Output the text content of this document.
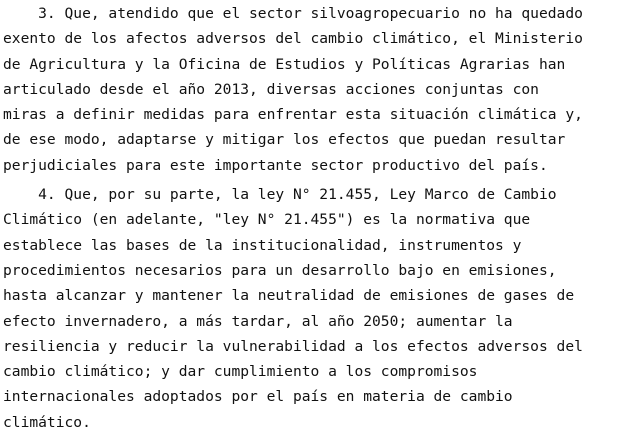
3. Que, atendido que el sector silvoagropecuario no ha quedado
exento de los afectos adversos del cambio climático, el Ministerio
de Agricultura y la Oficina de Estudios y Políticas Agrarias han
articulado desde el año 2013, diversas acciones conjuntas con
miras a definir medidas para enfrentar esta situación climática y,
de ese modo, adaptarse y mitigar los efectos que puedan resultar
perjudiciales para este importante sector productivo del país.
4. Que, por su parte, la ley N° 21.455, Ley Marco de Cambio
Climático (en adelante, "ley N° 21.455") es la normativa que
establece las bases de la institucionalidad, instrumentos y
procedimientos necesarios para un desarrollo bajo en emisiones,
hasta alcanzar y mantener la neutralidad de emisiones de gases de
efecto invernadero, a más tardar, al año 2050; aumentar la
resiliencia y reducir la vulnerabilidad a los efectos adversos del
cambio climático; y dar cumplimiento a los compromisos
internacionales adoptados por el país en materia de cambio
climático.
